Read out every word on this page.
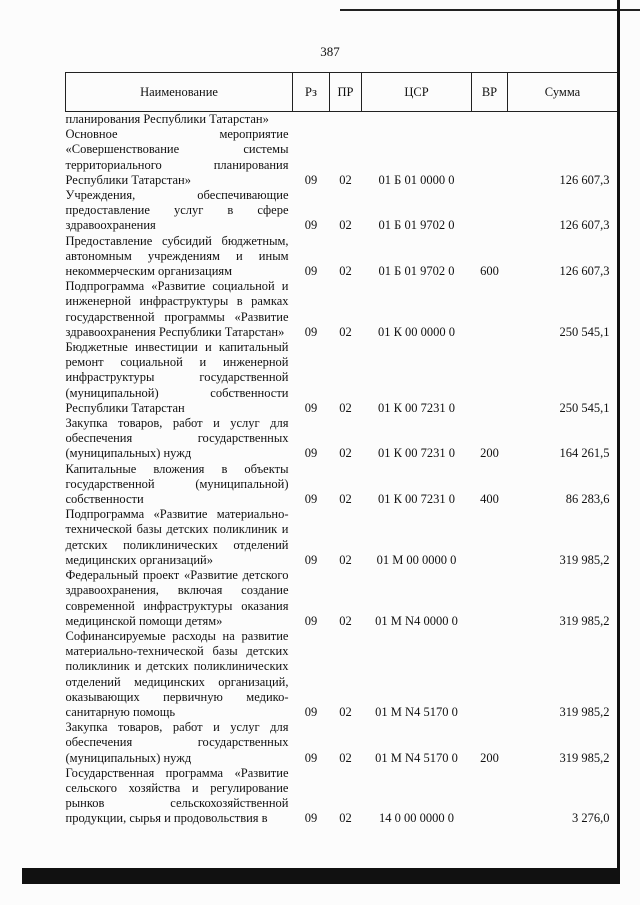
387
Наименование	Рз	ПР	ЦСР	ВР	Сумма
планирования Республики Татарстан»					
Основное мероприятие «Совершенствование системы территориального планирования Республики Татарстан»	09	02	01 Б 01 0000 0		126 607,3
Учреждения, обеспечивающие предоставление услуг в сфере здравоохранения	09	02	01 Б 01 9702 0		126 607,3
Предоставление субсидий бюджетным, автономным учреждениям и иным некоммерческим организациям	09	02	01 Б 01 9702 0	600	126 607,3
Подпрограмма «Развитие социальной и инженерной инфраструктуры в рамках государственной программы «Развитие здравоохранения Республики Татарстан»	09	02	01 К 00 0000 0		250 545,1
Бюджетные инвестиции и капитальный ремонт социальной и инженерной инфраструктуры государственной (муниципальной) собственности Республики Татарстан	09	02	01 К 00 7231 0		250 545,1
Закупка товаров, работ и услуг для обеспечения государственных (муниципальных) нужд	09	02	01 К 00 7231 0	200	164 261,5
Капитальные вложения в объекты государственной (муниципальной) собственности	09	02	01 К 00 7231 0	400	86 283,6
Подпрограмма «Развитие материально-технической базы детских поликлиник и детских поликлинических отделений медицинских организаций»	09	02	01 М 00 0000 0		319 985,2
Федеральный проект «Развитие детского здравоохранения, включая создание современной инфраструктуры оказания медицинской помощи детям»	09	02	01 М N4 0000 0		319 985,2
Софинансируемые расходы на развитие материально-технической базы детских поликлиник и детских поликлинических отделений медицинских организаций, оказывающих первичную медико-санитарную помощь	09	02	01 М N4 5170 0		319 985,2
Закупка товаров, работ и услуг для обеспечения государственных (муниципальных) нужд	09	02	01 М N4 5170 0	200	319 985,2
Государственная программа «Развитие сельского хозяйства и регулирование рынков сельскохозяйственной продукции, сырья и продовольствия в	09	02	14 0 00 0000 0		3 276,0
